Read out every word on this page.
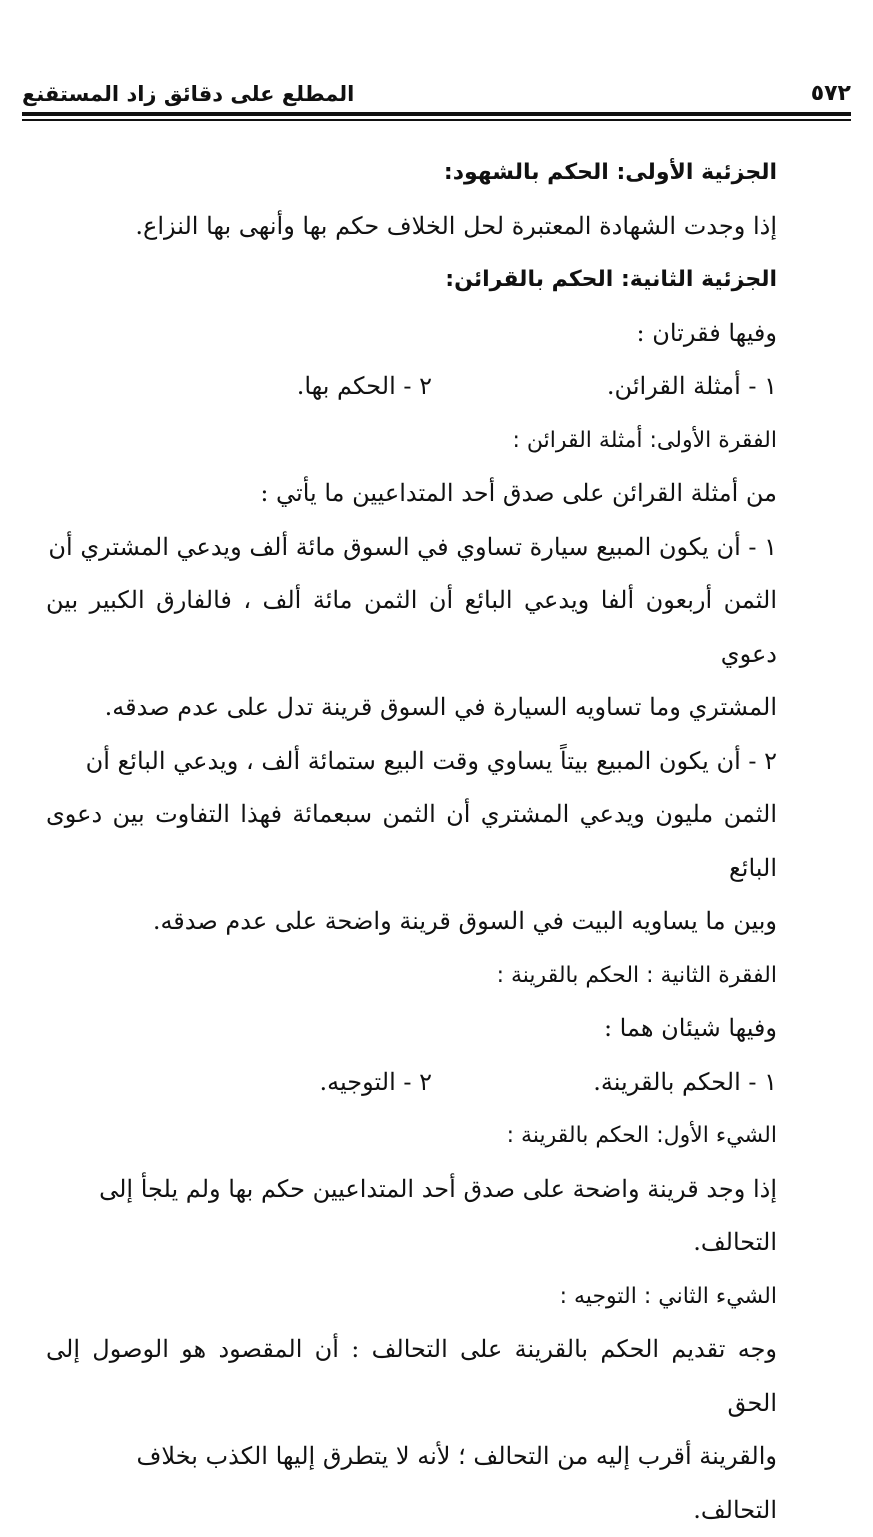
٥٧٢
المطلع على دقائق زاد المستقنع

الجزئية الأولى: الحكم بالشهود:

إذا وجدت الشهادة المعتبرة لحل الخلاف حكم بها وأنهى بها النزاع.

الجزئية الثانية: الحكم بالقرائن:

وفيها فقرتان :

١ - أمثلة القرائن.
٢ - الحكم بها.

الفقرة الأولى: أمثلة القرائن :

من أمثلة القرائن على صدق أحد المتداعيين ما يأتي :

١ - أن يكون المبيع سيارة تساوي في السوق مائة ألف ويدعي المشتري أن

الثمن أربعون ألفا ويدعي البائع أن الثمن مائة ألف ، فالفارق الكبير بين دعوي

المشتري وما تساويه السيارة في السوق قرينة تدل على عدم صدقه.

٢ - أن يكون المبيع بيتاً يساوي وقت البيع ستمائة ألف ، ويدعي البائع أن

الثمن مليون ويدعي المشتري أن الثمن سبعمائة فهذا التفاوت بين دعوى البائع

وبين ما يساويه البيت في السوق قرينة واضحة على عدم صدقه.

الفقرة الثانية : الحكم بالقرينة :

وفيها شيئان هما :

١ - الحكم بالقرينة.
٢ - التوجيه.

الشيء الأول: الحكم بالقرينة :

إذا وجد قرينة واضحة على صدق أحد المتداعيين حكم بها ولم يلجأ إلى

التحالف.

الشيء الثاني : التوجيه :

وجه تقديم الحكم بالقرينة على التحالف : أن المقصود هو الوصول إلى الحق

والقرينة أقرب إليه من التحالف ؛ لأنه لا يتطرق إليها الكذب بخلاف التحالف.
